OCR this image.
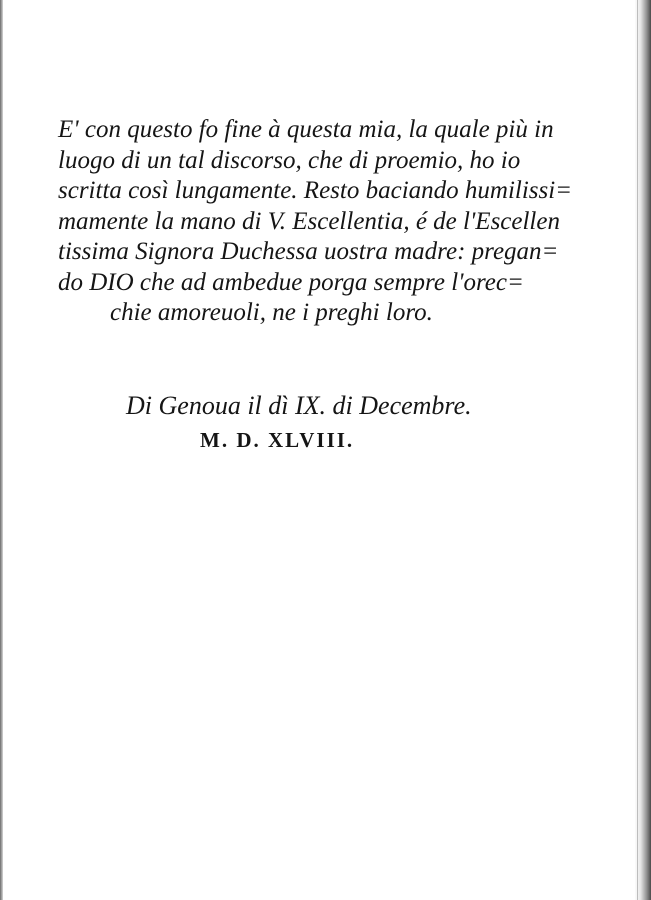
E' con questo fo fine à questa mia, la quale più in
luogo di un tal discorso, che di proemio, ho io
scritta così lungamente. Resto baciando humilissi=
mamente la mano di V. Escellentia, é de l'Escellen
tissima Signora Duchessa uostra madre: pregan=
do DIO che ad ambedue porga sempre l'orec=
chie amoreuoli, ne i preghi loro.
Di Genoua il dì IX. di Decembre.
M. D. XLVIII.
